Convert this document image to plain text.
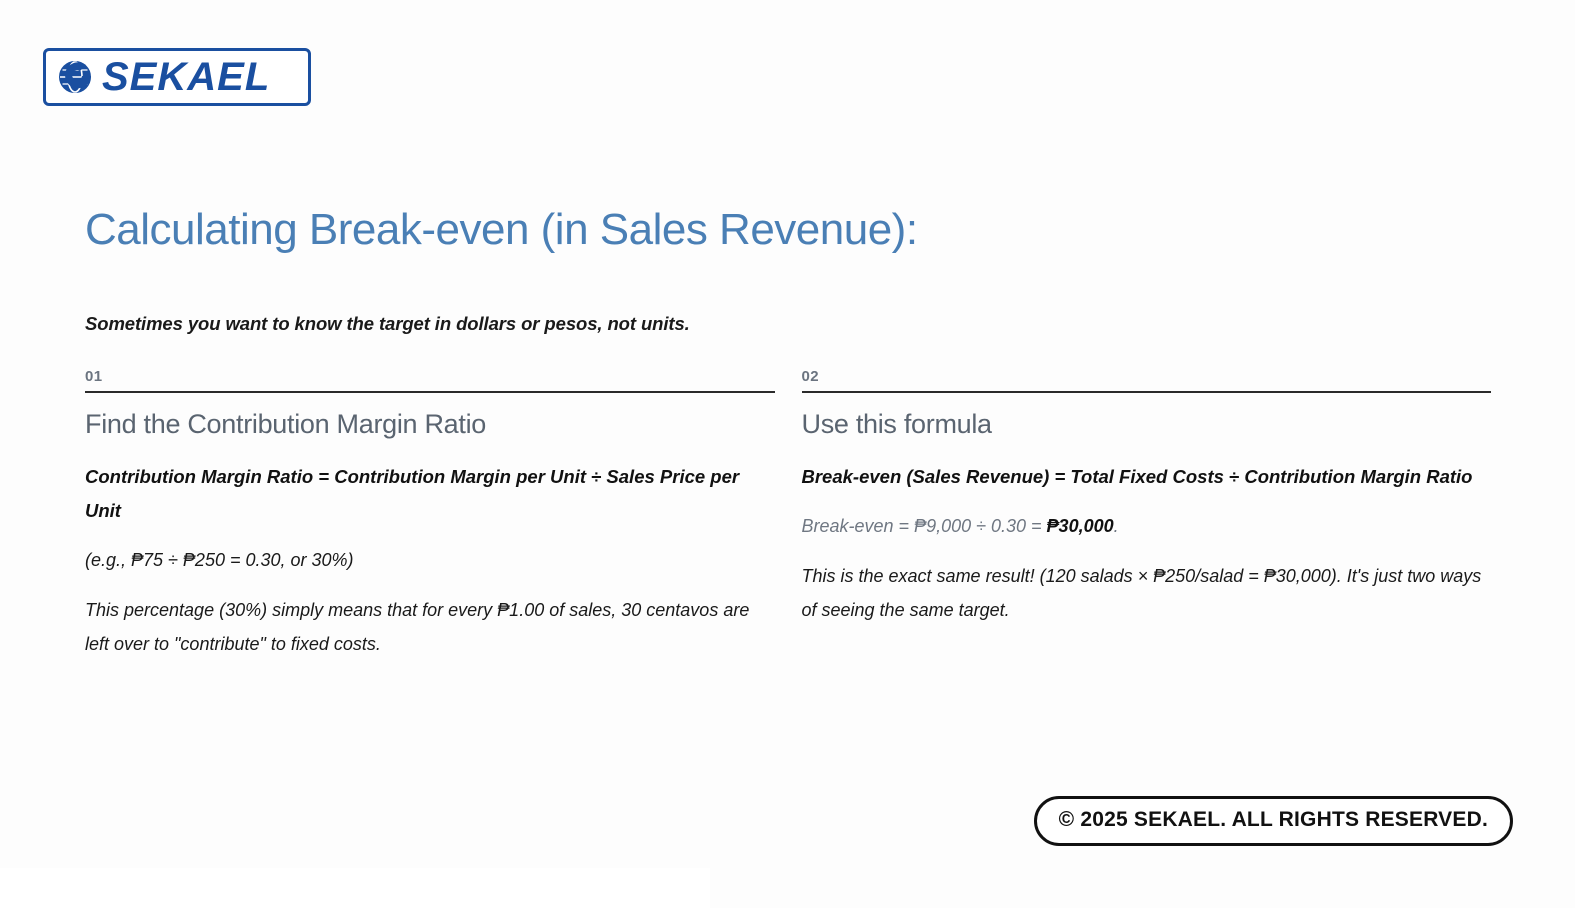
SEKAEL
Calculating Break-even (in Sales Revenue):

Sometimes you want to know the target in dollars or pesos, not units.

01
Find the Contribution Margin Ratio
Contribution Margin Ratio = Contribution Margin per Unit ÷ Sales Price per Unit
(e.g., ₱75 ÷ ₱250 = 0.30, or 30%)
This percentage (30%) simply means that for every ₱1.00 of sales, 30 centavos are left over to "contribute" to fixed costs.
02
Use this formula
Break-even (Sales Revenue) = Total Fixed Costs ÷ Contribution Margin Ratio
Break-even = ₱9,000 ÷ 0.30 = ₱30,000.
This is the exact same result! (120 salads × ₱250/salad = ₱30,000). It's just two ways of seeing the same target.
© 2025 SEKAEL. ALL RIGHTS RESERVED.
